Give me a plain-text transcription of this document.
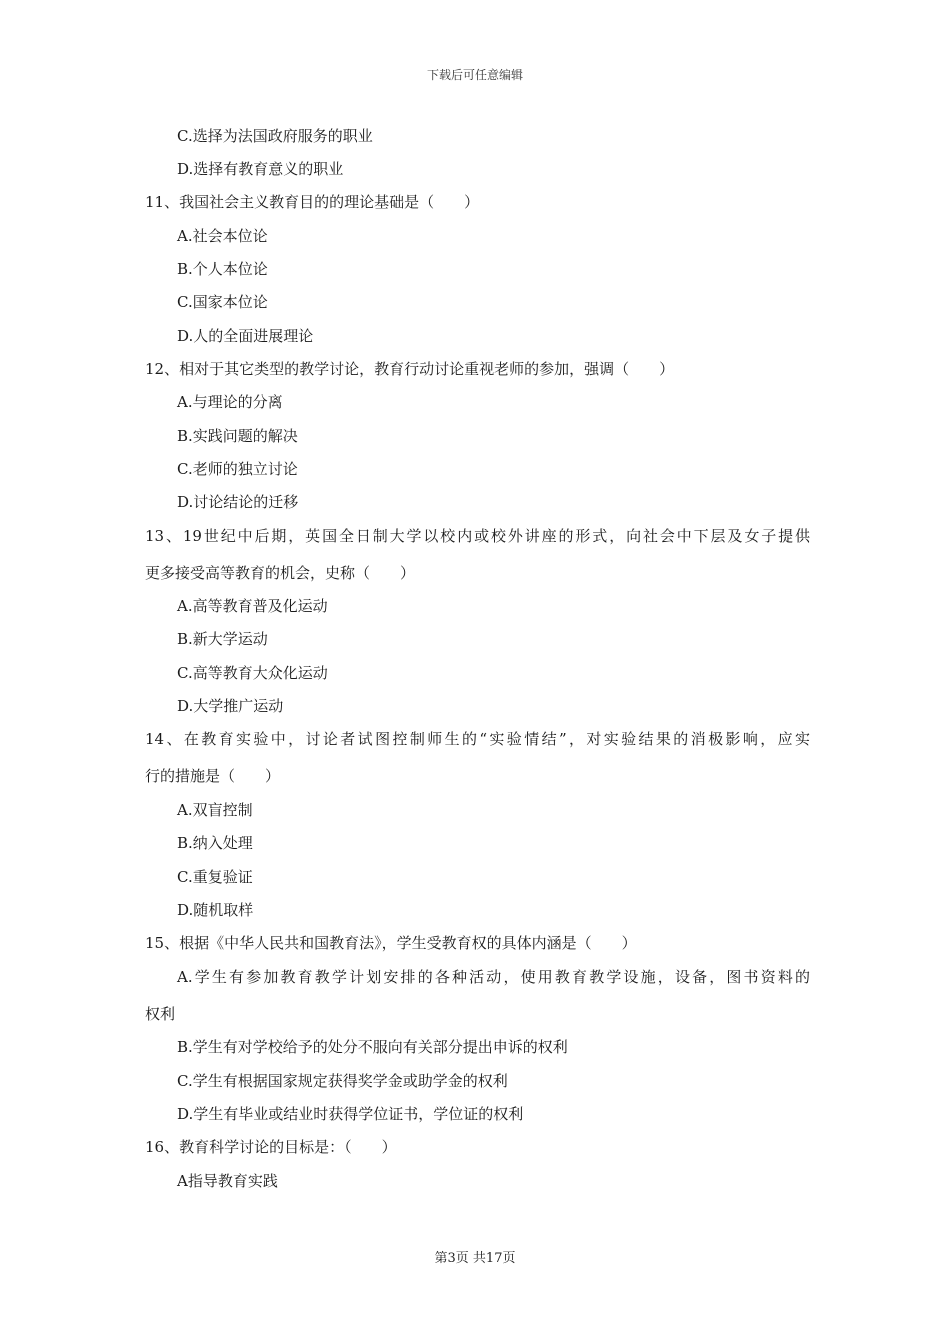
下载后可任意编辑
C.选择为法国政府服务的职业
D.选择有教育意义的职业
11、我国社会主义教育目的的理论基础是（　　）
A.社会本位论
B.个人本位论
C.国家本位论
D.人的全面进展理论
12、相对于其它类型的教学讨论，教育行动讨论重视老师的参加，强调（　　）
A.与理论的分离
B.实践问题的解决
C.老师的独立讨论
D.讨论结论的迁移
13、19世纪中后期，英国全日制大学以校内或校外讲座的形式，向社会中下层及女子提供
更多接受高等教育的机会，史称（　　）
A.高等教育普及化运动
B.新大学运动
C.高等教育大众化运动
D.大学推广运动
14、在教育实验中，讨论者试图控制师生的“实验情结”，对实验结果的消极影响，应实
行的措施是（　　）
A.双盲控制
B.纳入处理
C.重复验证
D.随机取样
15、根据《中华人民共和国教育法》，学生受教育权的具体内涵是（　　）
A.学生有参加教育教学计划安排的各种活动，使用教育教学设施，设备，图书资料的
权利
B.学生有对学校给予的处分不服向有关部分提出申诉的权利
C.学生有根据国家规定获得奖学金或助学金的权利
D.学生有毕业或结业时获得学位证书，学位证的权利
16、教育科学讨论的目标是：（　　）
A指导教育实践
第3页 共17页
